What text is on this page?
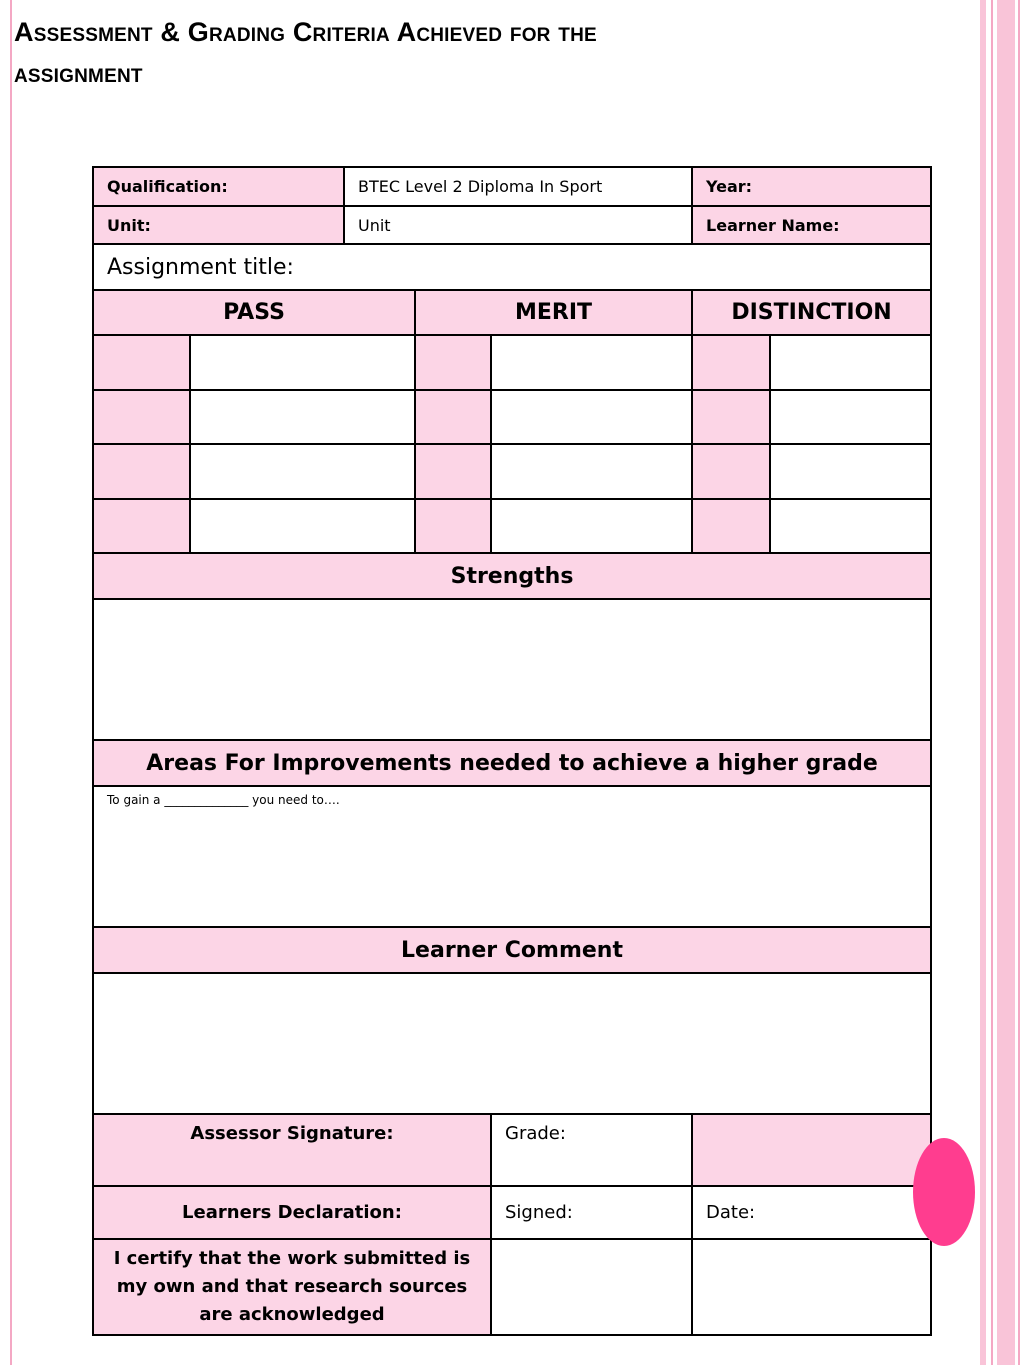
Assessment & Grading Criteria Achieved for the assignment
Qualification:		BTEC Level 2 Diploma In Sport			Year:	
Unit:		Unit			Learner Name:	
Assignment title:						
PASS			MERIT		DISTINCTION	

Strengths						

Areas For Improvements needed to achieve a higher grade						
To gain a ______________ you need to….						
Learner Comment						

Assessor Signature:				Grade:		
Learners Declaration:				Signed:	Date:	
I certify that the work submitted is my own and that research sources are acknowledged						
